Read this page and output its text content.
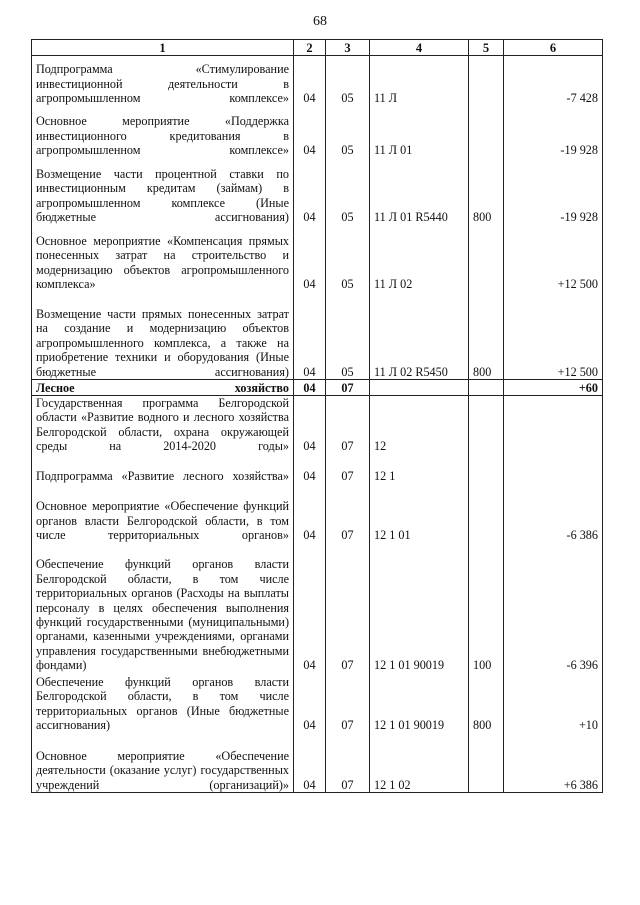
68
1	2	3	4	5	6
Подпрограмма «Стимулирование инвестиционной деятельности в агропромышленном комплексе»	04	05	11 Л		-7 428
Основное мероприятие «Поддержка инвестиционного кредитования в агропромышленном комплексе»	04	05	11 Л 01		-19 928
Возмещение части процентной ставки по инвестиционным кредитам (займам) в агропромышленном комплексе (Иные бюджетные ассигнования)	04	05	11 Л 01 R5440	800	-19 928
Основное мероприятие «Компенсация прямых понесенных затрат на строительство и модернизацию объектов агропромышленного комплекса»	04	05	11 Л 02		+12 500
Возмещение части прямых понесенных затрат на создание и модернизацию объектов агропромышленного комплекса, а также на приобретение техники и оборудования (Иные бюджетные ассигнования)	04	05	11 Л 02 R5450	800	+12 500
Лесное хозяйство	04	07			+60
Государственная программа Белгородской области «Развитие водного и лесного хозяйства Белгородской области, охрана окружающей среды на 2014-2020 годы»	04	07	12		
Подпрограмма «Развитие лесного хозяйства»	04	07	12 1		
Основное мероприятие «Обеспечение функций органов власти Белгородской области, в том числе территориальных органов»	04	07	12 1 01		-6 386
Обеспечение функций органов власти Белгородской области, в том числе территориальных органов (Расходы на выплаты персоналу в целях обеспечения выполнения функций государственными (муниципальными) органами, казенными учреждениями, органами управления государственными внебюджетными фондами)	04	07	12 1 01 90019	100	-6 396
Обеспечение функций органов власти Белгородской области, в том числе территориальных органов (Иные бюджетные ассигнования)	04	07	12 1 01 90019	800	+10
Основное мероприятие «Обеспечение деятельности (оказание услуг) государственных учреждений (организаций)»	04	07	12 1 02		+6 386
